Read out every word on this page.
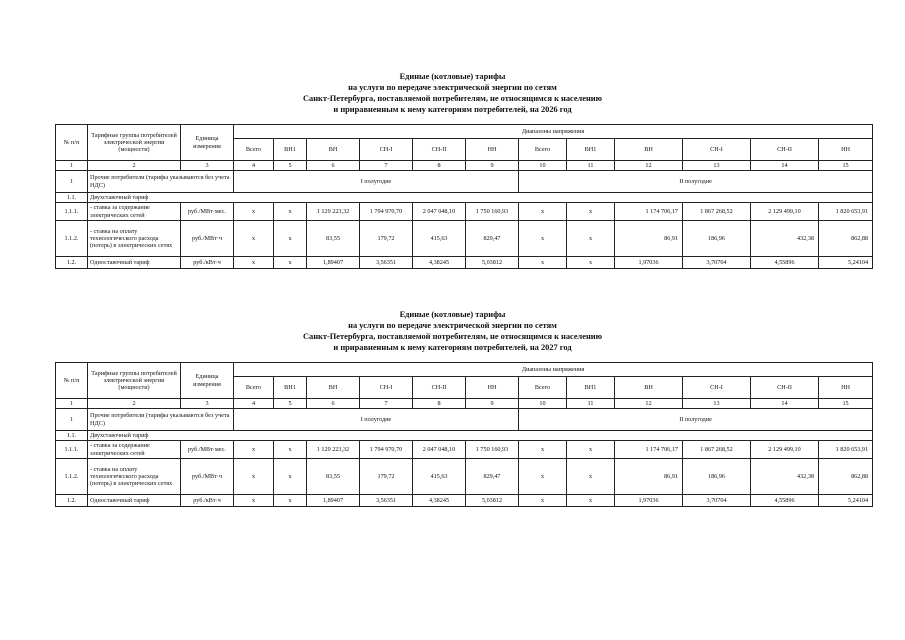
Единые (котловые) тарифы
на услуги по передаче электрической энергии по сетям
Санкт-Петербурга, поставляемой потребителям, не относящимся к населению
и приравненным к нему категориям потребителей, на 2026 год
№ п/п	Тарифные группы потребителей электрической энергии (мощности)	Единица измерения	Диапазоны напряжения											
			Всего	ВН1	ВН	СН-I	СН-II	НН	Всего	ВН1	ВН	СН-I	СН-II	НН
1	2	3	4	5	6	7	8	9	10	11	12	13	14	15
1	Прочие потребители (тарифы указываются без учета НДС)		I полугодие						II полугодие					
1.1.	Двухставочный тариф													
1.1.1.	- ставка за содержание электрических сетей	руб./МВт·мес.	х	х	1 129 223,32	1 794 970,70	2 047 048,10	1 750 160,93	х	х	1 174 706,17	1 867 268,52	2 129 499,10	1 820 653,91
1.1.2.	- ставка на оплату технологического расхода (потерь) в электрических сетях	руб./МВт·ч	х	х	83,55	179,72	415,63	829,47	х	х	86,91	186,96	432,38	862,88
1.2.	Одноставочный тариф	руб./кВт·ч	х	х	1,89407	3,56351	4,38245	5,03812	х	х	1,97036	3,70704	4,55896	5,24104
Единые (котловые) тарифы
на услуги по передаче электрической энергии по сетям
Санкт-Петербурга, поставляемой потребителям, не относящимся к населению
и приравненным к нему категориям потребителей, на 2027 год
№ п/п	Тарифные группы потребителей электрической энергии (мощности)	Единица измерения	Диапазоны напряжения											
			Всего	ВН1	ВН	СН-I	СН-II	НН	Всего	ВН1	ВН	СН-I	СН-II	НН
1	2	3	4	5	6	7	8	9	10	11	12	13	14	15
1	Прочие потребители (тарифы указываются без учета НДС)		I полугодие						II полугодие					
1.1.	Двухставочный тариф													
1.1.1.	- ставка за содержание электрических сетей	руб./МВт·мес.	х	х	1 129 223,32	1 794 970,70	2 047 048,10	1 750 160,93	х	х	1 174 706,17	1 867 268,52	2 129 499,10	1 820 653,91
1.1.2.	- ставка на оплату технологического расхода (потерь) в электрических сетях	руб./МВт·ч	х	х	83,55	179,72	415,63	829,47	х	х	86,91	186,96	432,38	862,88
1.2.	Одноставочный тариф	руб./кВт·ч	х	х	1,89407	3,56351	4,38245	5,03812	х	х	1,97036	3,70704	4,55896	5,24104
